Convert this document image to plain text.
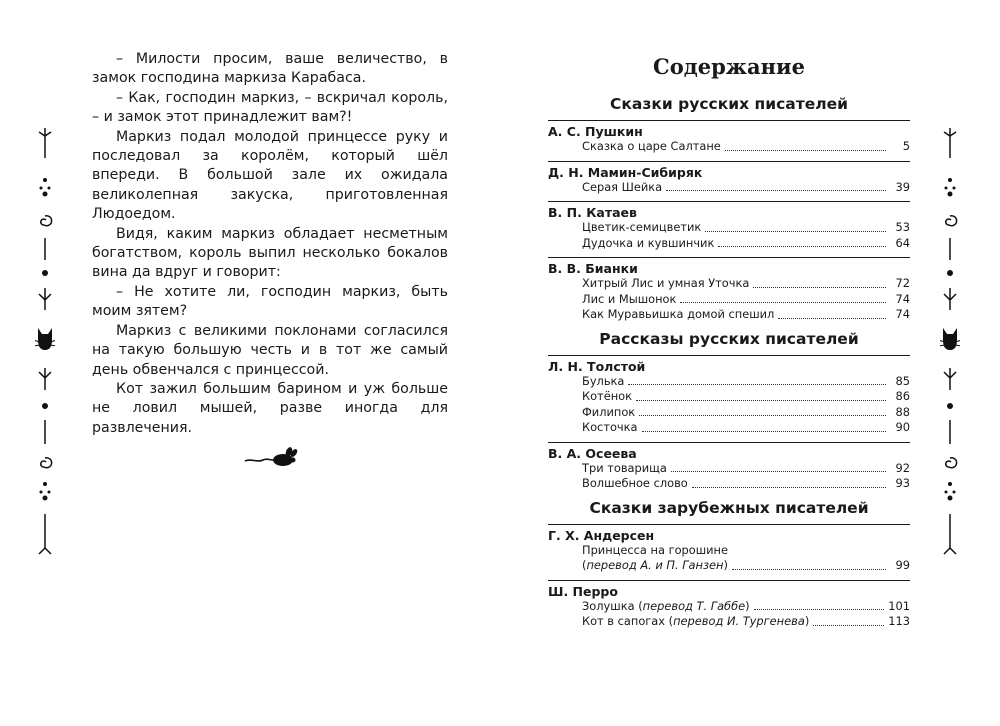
– Милости просим, ваше величество, в замок господина маркиза Карабаса.

– Как, господин маркиз, – вскричал король, – и замок этот принадлежит вам?!

Маркиз подал молодой принцессе руку и последовал за королём, который шёл впереди. В большой зале их ожидала великолепная закуска, приготовленная Людоедом.

Видя, каким маркиз обладает несметным богатством, король выпил несколько бокалов вина да вдруг и говорит:

– Не хотите ли, господин маркиз, быть моим зятем?

Маркиз с великими поклонами согласился на такую большую честь и в тот же самый день обвенчался с принцессой.

Кот зажил большим барином и уж больше не ловил мышей, разве иногда для развлечения.

Содержание
Сказки русских писателей
А. С. Пушкин
Сказка о царе Салтане	5
Д. Н. Мамин-Сибиряк
Серая Шейка	39
В. П. Катаев
Цветик-семицветик	53
Дудочка и кувшинчик	64
В. В. Бианки
Хитрый Лис и умная Уточка	72
Лис и Мышонок	74
Как Муравьишка домой спешил	74
Рассказы русских писателей
Л. Н. Толстой
Булька	85
Котёнок	86
Филипок	88
Косточка	90
В. А. Осеева
Три товарища	92
Волшебное слово	93
Сказки зарубежных писателей
Г. Х. Андерсен
Принцесса на горошине
(перевод А. и П. Ганзен)	99
Ш. Перро
Золушка (перевод Т. Габбе)	101
Кот в сапогах (перевод И. Тургенева)	113
